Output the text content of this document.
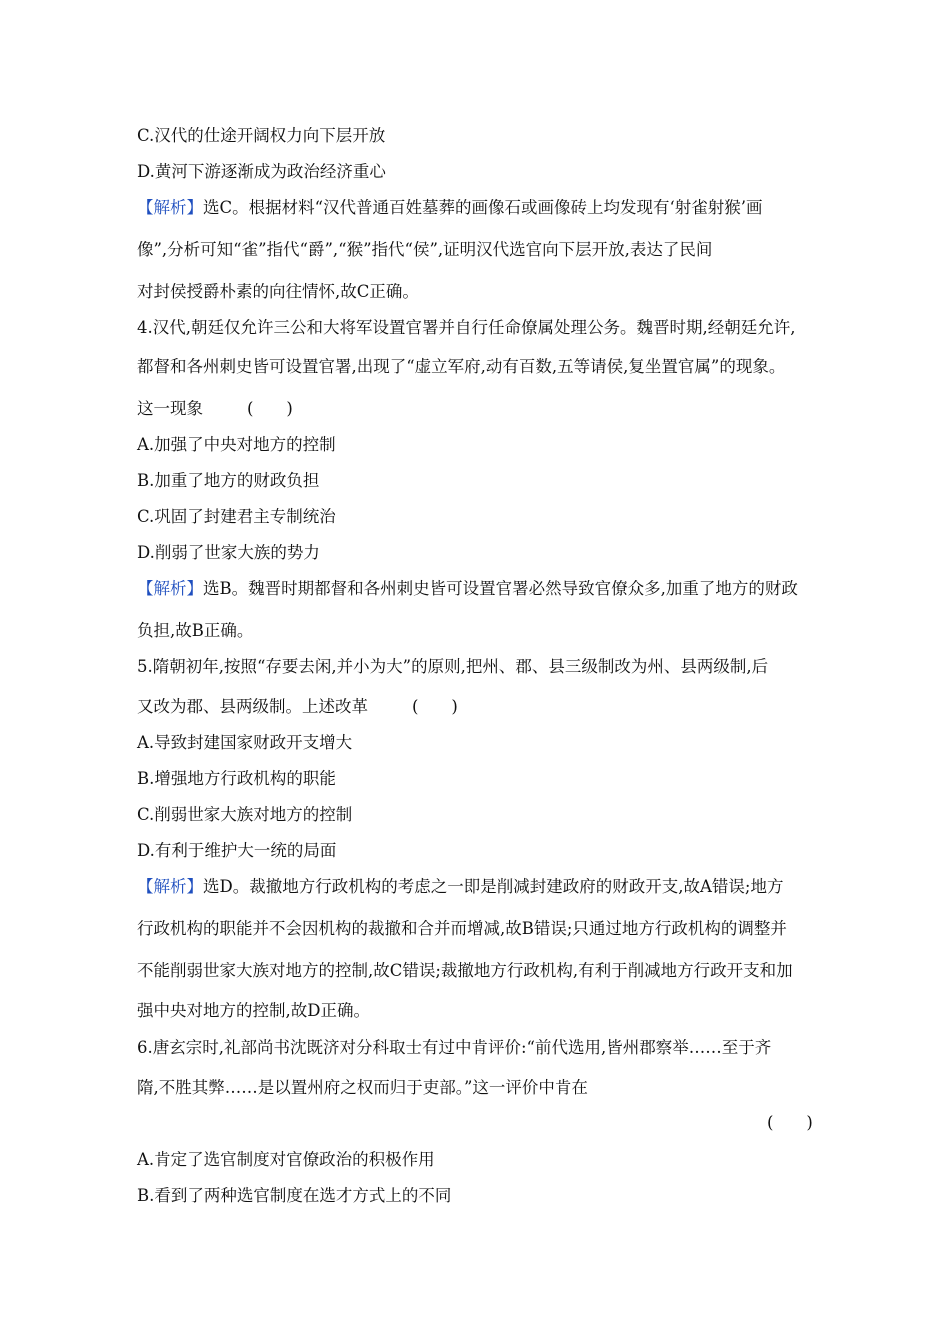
C.汉代的仕途开阔权力向下层开放
D.黄河下游逐渐成为政治经济重心
【解析】选C。根据材料“汉代普通百姓墓葬的画像石或画像砖上均发现有‘射雀射猴’画
像”,分析可知“雀”指代“爵”,“猴”指代“侯”,证明汉代选官向下层开放,表达了民间
对封侯授爵朴素的向往情怀,故C正确。
4.汉代,朝廷仅允许三公和大将军设置官署并自行任命僚属处理公务。魏晋时期,经朝廷允许,
都督和各州刺史皆可设置官署,出现了“虚立军府,动有百数,五等请侯,复坐置官属”的现象。
这一现象	(　　)
A.加强了中央对地方的控制
B.加重了地方的财政负担
C.巩固了封建君主专制统治
D.削弱了世家大族的势力
【解析】选B。魏晋时期都督和各州刺史皆可设置官署必然导致官僚众多,加重了地方的财政
负担,故B正确。
5.隋朝初年,按照“存要去闲,并小为大”的原则,把州、郡、县三级制改为州、县两级制,后
又改为郡、县两级制。上述改革	(　　)
A.导致封建国家财政开支增大
B.增强地方行政机构的职能
C.削弱世家大族对地方的控制
D.有利于维护大一统的局面
【解析】选D。裁撤地方行政机构的考虑之一即是削减封建政府的财政开支,故A错误;地方
行政机构的职能并不会因机构的裁撤和合并而增减,故B错误;只通过地方行政机构的调整并
不能削弱世家大族对地方的控制,故C错误;裁撤地方行政机构,有利于削减地方行政开支和加
强中央对地方的控制,故D正确。
6.唐玄宗时,礼部尚书沈既济对分科取士有过中肯评价:“前代选用,皆州郡察举……至于齐
隋,不胜其弊……是以置州府之权而归于吏部。”这一评价中肯在
(　　)
A.肯定了选官制度对官僚政治的积极作用
B.看到了两种选官制度在选才方式上的不同
